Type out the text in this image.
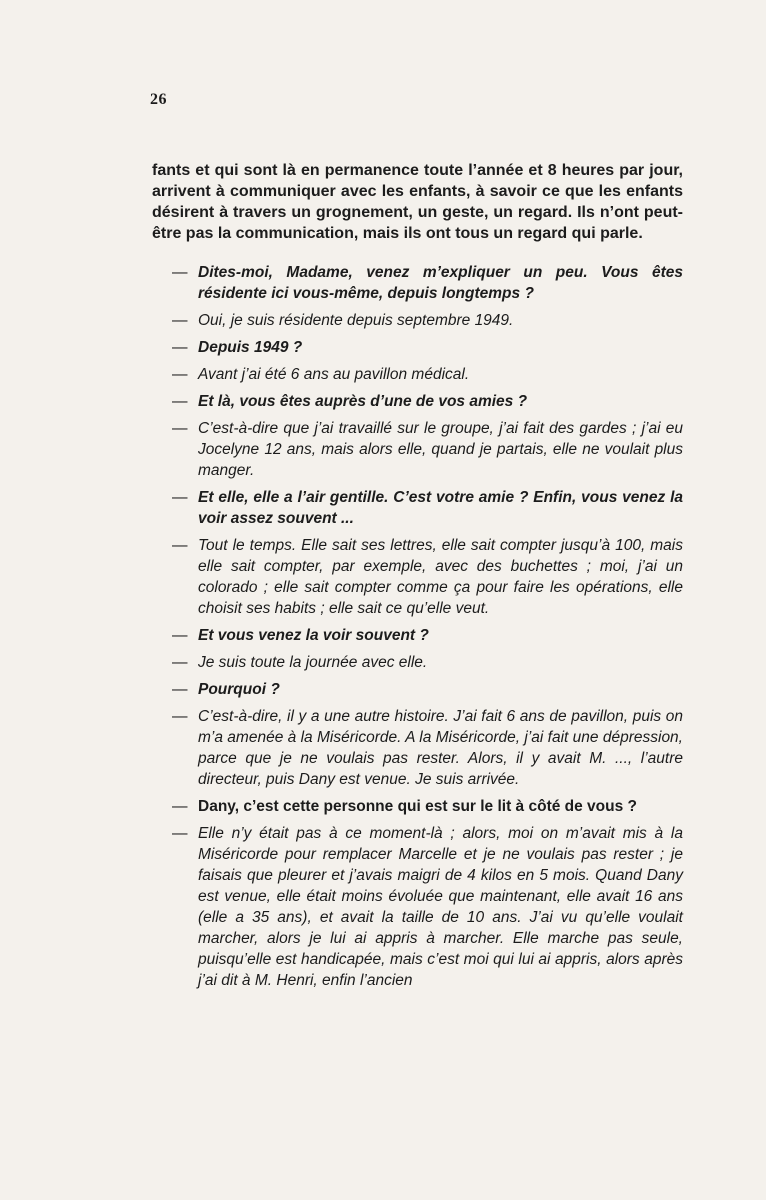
26

fants et qui sont là en permanence toute l’année et 8 heures par jour, arrivent à communiquer avec les enfants, à savoir ce que les enfants désirent à travers un grognement, un geste, un regard. Ils n’ont peut-être pas la communication, mais ils ont tous un regard qui parle.

— Dites-moi, Madame, venez m’expliquer un peu. Vous êtes résidente ici vous-même, depuis longtemps ?
— Oui, je suis résidente depuis septembre 1949.
— Depuis 1949 ?
— Avant j’ai été 6 ans au pavillon médical.
— Et là, vous êtes auprès d’une de vos amies ?
— C’est-à-dire que j’ai travaillé sur le groupe, j’ai fait des gardes ; j’ai eu Jocelyne 12 ans, mais alors elle, quand je partais, elle ne voulait plus manger.
— Et elle, elle a l’air gentille. C’est votre amie ? Enfin, vous venez la voir assez souvent ...
— Tout le temps. Elle sait ses lettres, elle sait compter jusqu’à 100, mais elle sait compter, par exemple, avec des buchettes ; moi, j’ai un colorado ; elle sait compter comme ça pour faire les opérations, elle choisit ses habits ; elle sait ce qu’elle veut.
— Et vous venez la voir souvent ?
— Je suis toute la journée avec elle.
— Pourquoi ?
— C’est-à-dire, il y a une autre histoire. J’ai fait 6 ans de pavillon, puis on m’a amenée à la Miséricorde. A la Miséricorde, j’ai fait une dépression, parce que je ne voulais pas rester. Alors, il y avait M. ..., l’autre directeur, puis Dany est venue. Je suis arrivée.
— Dany, c’est cette personne qui est sur le lit à côté de vous ?
— Elle n’y était pas à ce moment-là ; alors, moi on m’avait mis à la Miséricorde pour remplacer Marcelle et je ne voulais pas rester ; je faisais que pleurer et j’avais maigri de 4 kilos en 5 mois. Quand Dany est venue, elle était moins évoluée que maintenant, elle avait 16 ans (elle a 35 ans), et avait la taille de 10 ans. J’ai vu qu’elle voulait marcher, alors je lui ai appris à marcher. Elle marche pas seule, puisqu’elle est handicapée, mais c’est moi qui lui ai appris, alors après j’ai dit à M. Henri, enfin l’ancien
